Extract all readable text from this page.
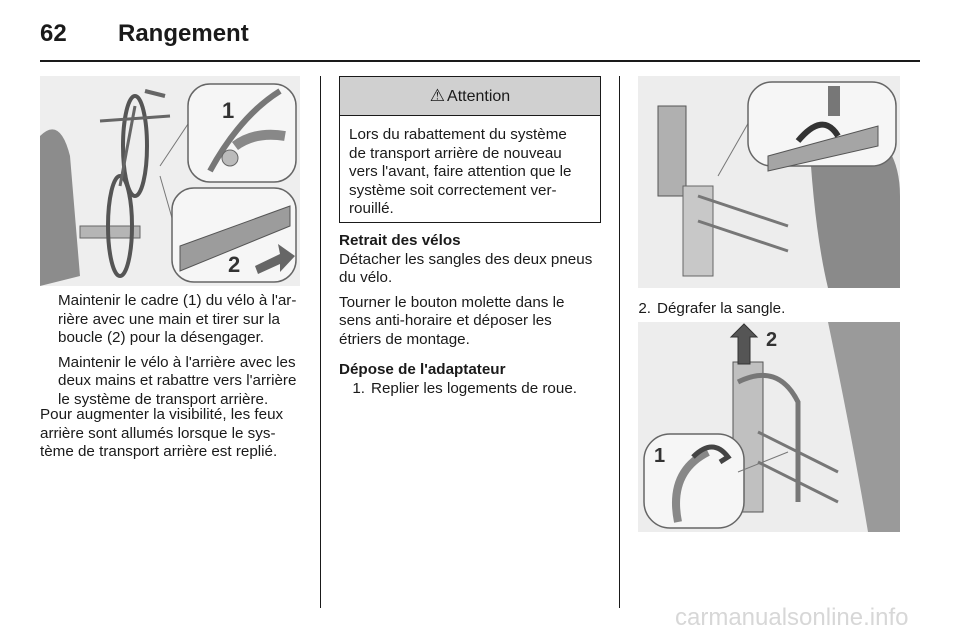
62 Rangement
1
2
Maintenir le cadre (1) du vélo à l'ar-
rière avec une main et tirer sur la
boucle (2) pour la désengager.
Maintenir le vélo à l'arrière avec les
deux mains et rabattre vers l'arrière
le système de transport arrière.
Pour augmenter la visibilité, les feux
arrière sont allumés lorsque le sys-
tème de transport arrière est replié.
⚠ Attention
Lors du rabattement du système
de transport arrière de nouveau
vers l'avant, faire attention que le
système soit correctement ver-
rouillé.
Retrait des vélos
Détacher les sangles des deux pneus
du vélo.
Tourner le bouton molette dans le
sens anti-horaire et déposer les
étriers de montage.
Dépose de l'adaptateur
1. Replier les logements de roue.
2. Dégrafer la sangle.
2
1
carmanualsonline.info
